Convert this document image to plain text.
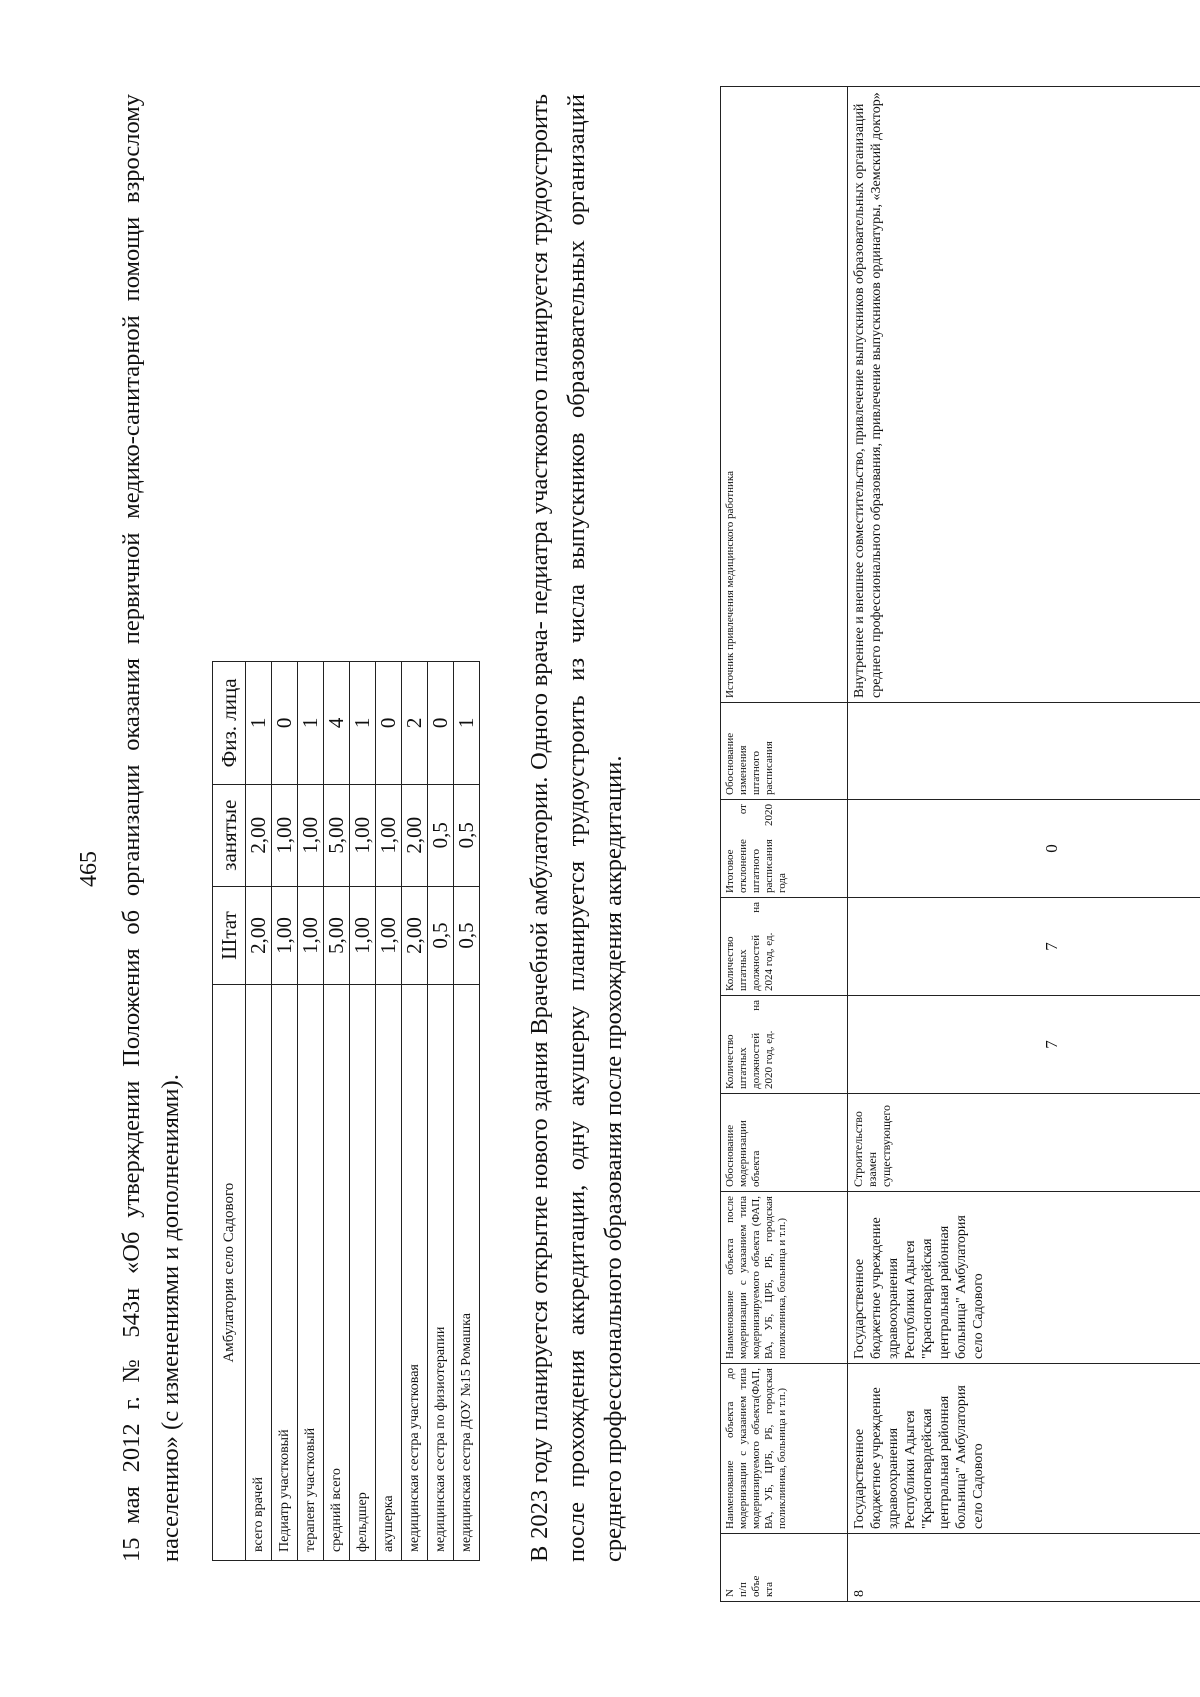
465 15 мая 2012 г. № 543н «Об утверждении Положения об организации оказания первичной медико-санитарной помощи взрослому населению» (с изменениями и дополнениями).	Амбулатория село Садового	Штат	занятые	Физ. лица
всего врачей	2,00	2,00	1
Педиатр участковый	1,00	1,00	0
терапевт участковый	1,00	1,00	1
средний всего	5,00	5,00	4
фельдшер	1,00	1,00	1
акушерка	1,00	1,00	0
медицинская сестра участковая	2,00	2,00	2
медицинская сестра по физиотерапии	0,5	0,5	0
медицинская сестра ДОУ №15 Ромашка	0,5	0,5	1 В 2023 году планируется открытие нового здания Врачебной амбулатории. Одного врача- педиатра участкового планируется трудоустроить после прохождения аккредитации, одну акушерку планируется трудоустроить из числа выпускников образовательных организаций среднего профессионального образования после прохождения аккредитации.
N
п/п
объе
кта	Наименование объекта до модернизации с указанием типа модернизируемого объекта(ФАП, ВА, УБ, ЦРБ, РБ, городская поликлиника, больница и т.п.)	Наименование объекта после модернизации с указанием типа модернизируемого объекта (ФАП, ВА, УБ, ЦРБ, РБ, городская поликлиника, больница и т.п.)	Обоснование модернизации объекта	Количество штатных должностей на 2020 год, ед.	Количество штатных должностей на 2024 год, ед.	Итоговое отклонение от штатного расписания 2020 года	Обоснование изменения штатного расписания	Источник привлечения медицинского работника
8	Государственное бюджетное учреждение здравоохранения Республики Адыгея "Красногвардейская центральная районная больница" Амбулатория село Садового	Государственное бюджетное учреждение здравоохранения Республики Адыгея "Красногвардейская центральная районная больница" Амбулатория село Садового	Строительство взамен существующего	7	7	0		Внутреннее и внешнее совместительство, привлечение выпускников образовательных организаций среднего профессионального образования, привлечение выпускников ординатуры, «Земский доктор»
